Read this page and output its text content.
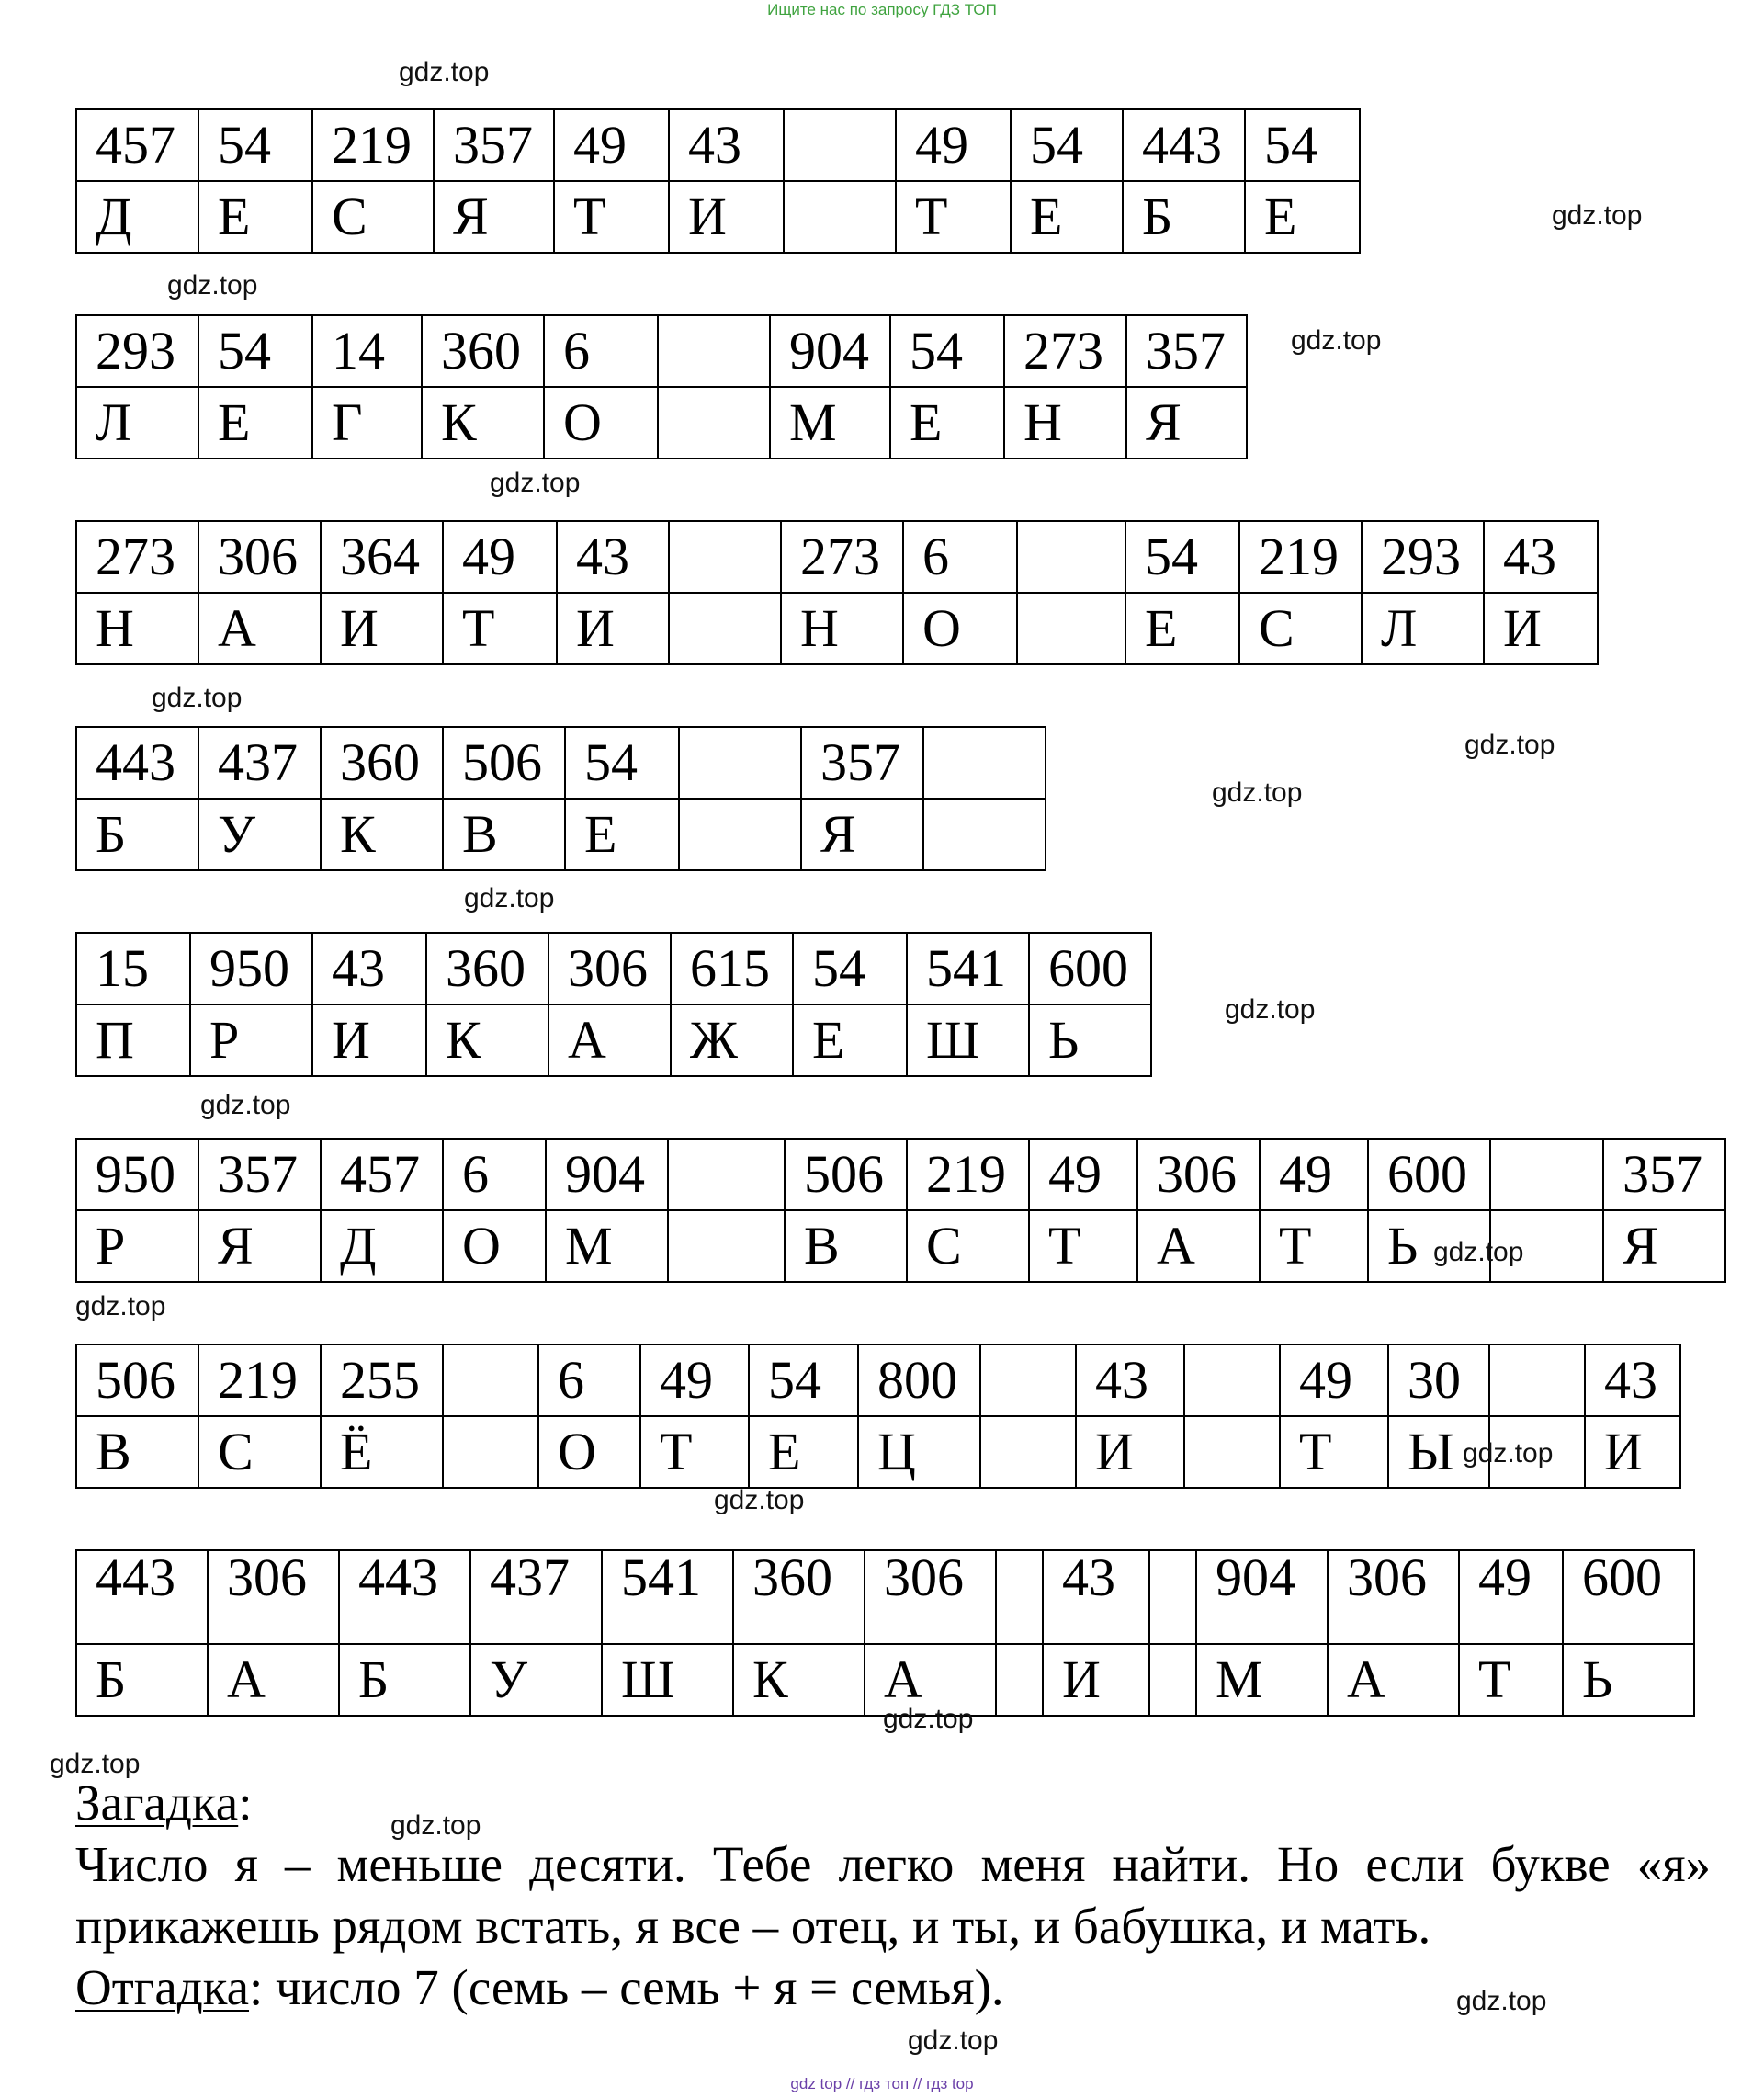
Ищите нас по запросу ГДЗ ТОП
457	54	219	357	49	43		49	54	443	54
Д	Е	С	Я	Т	И		Т	Е	Б	Е
293	54	14	360	6		904	54	273	357
Л	Е	Г	К	О		М	Е	Н	Я
273	306	364	49	43		273	6		54	219	293	43
Н	А	И	Т	И		Н	О		Е	С	Л	И
443	437	360	506	54		357	
Б	У	К	В	Е		Я	
15	950	43	360	306	615	54	541	600
П	Р	И	К	А	Ж	Е	Ш	Ь
950	357	457	6	904		506	219	49	306	49	600		357
Р	Я	Д	О	М		В	С	Т	А	Т	Ь		Я
506	219	255		6	49	54	800		43		49	30		43
В	С	Ё		О	Т	Е	Ц		И		Т	Ы		И
443	306	443	437	541	360	306		43		904	306	49	600
Б	А	Б	У	Ш	К	А		И		М	А	Т	Ь
gdz.top
gdz.top
gdz.top
gdz.top
gdz.top
gdz.top
gdz.top
gdz.top
gdz.top
gdz.top
gdz.top
gdz.top
gdz.top
gdz.top
gdz.top
gdz.top
gdz.top
gdz.top
gdz.top
gdz.top

Загадка:

Число я – меньше десяти. Тебе легко меня найти. Но если букве «я»

прикажешь рядом встать, я все – отец, и ты, и бабушка, и мать.

Отгадка: число 7 (семь – семь + я = семья).

gdz top // гдз топ // гдз top
